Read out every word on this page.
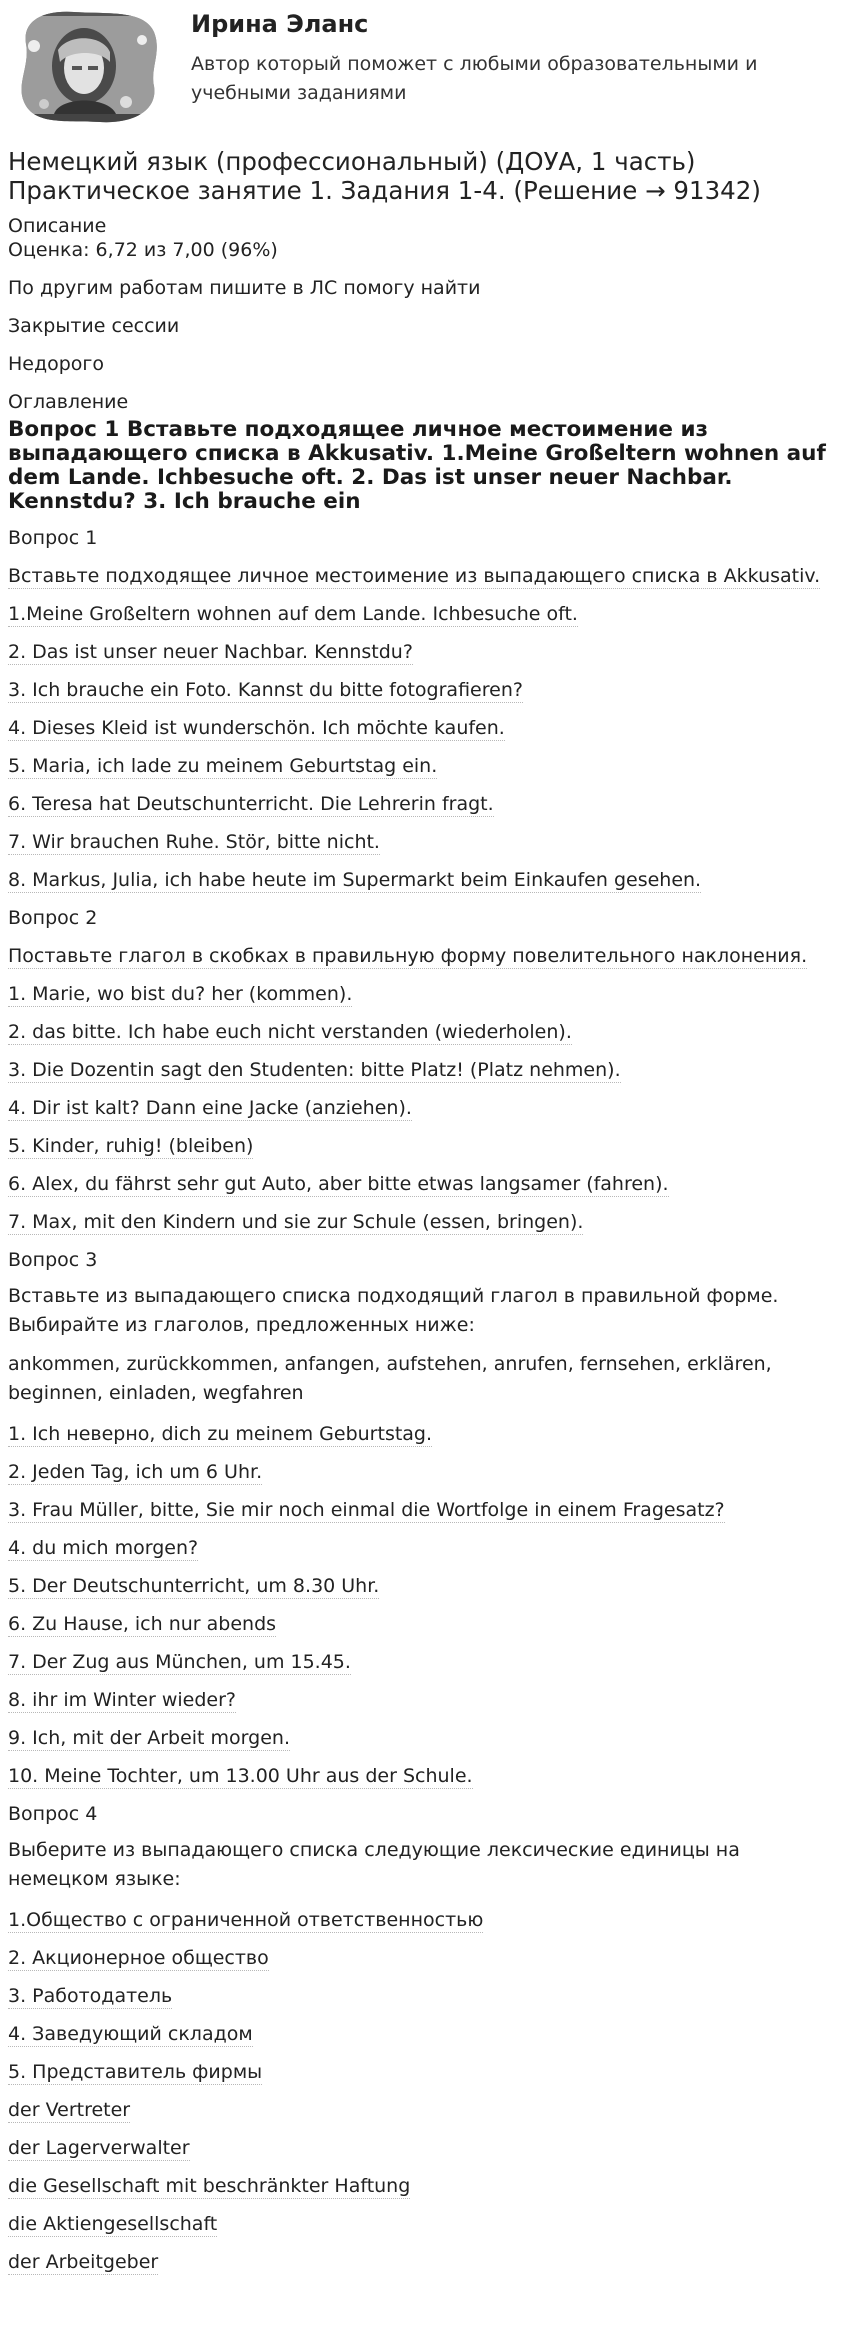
Ирина Эланс
Автор который поможет с любыми образовательными и учебными заданиями
Немецкий язык (профессиональный) (ДОУА, 1 часть)
Практическое занятие 1. Задания 1-4. (Решение → 91342)
Описание
Оценка: 6,72 из 7,00 (96%)
По другим работам пишите в ЛС помогу найти
Закрытие сессии
Недорого
Оглавление
Вопрос 1 Вставьте подходящее личное местоимение из выпадающего списка в Akkusativ. 1.Meine Großeltern wohnen auf dem Lande. Ichbesuche oft. 2. Das ist unser neuer Nachbar. Kennstdu? 3. Ich brauche ein
Вопрос 1
Вставьте подходящее личное местоимение из выпадающего списка в Akkusativ.
1.Meine Großeltern wohnen auf dem Lande. Ichbesuche oft.
2. Das ist unser neuer Nachbar. Kennstdu?
3. Ich brauche ein Foto. Kannst du bitte fotografieren?
4. Dieses Kleid ist wunderschön. Ich möchte kaufen.
5. Maria, ich lade zu meinem Geburtstag ein.
6. Teresa hat Deutschunterricht. Die Lehrerin fragt.
7. Wir brauchen Ruhe. Stör, bitte nicht.
8. Markus, Julia, ich habe heute im Supermarkt beim Einkaufen gesehen.
Вопрос 2
Поставьте глагол в скобках в правильную форму повелительного наклонения.
1. Marie, wo bist du? her (kommen).
2. das bitte. Ich habe euch nicht verstanden (wiederholen).
3. Die Dozentin sagt den Studenten: bitte Platz! (Platz nehmen).
4. Dir ist kalt? Dann eine Jacke (anziehen).
5. Kinder, ruhig! (bleiben)
6. Alex, du fährst sehr gut Auto, aber bitte etwas langsamer (fahren).
7. Max, mit den Kindern und sie zur Schule (essen, bringen).
Вопрос 3
Вставьте из выпадающего списка подходящий глагол в правильной форме. Выбирайте из глаголов, предложенных ниже:
ankommen, zurückkommen, anfangen, aufstehen, anrufen, fernsehen, erklären, beginnen, einladen, wegfahren
1. Ich неверно, dich zu meinem Geburtstag.
2. Jeden Tag, ich um 6 Uhr.
3. Frau Müller, bitte, Sie mir noch einmal die Wortfolge in einem Fragesatz?
4. du mich morgen?
5. Der Deutschunterricht, um 8.30 Uhr.
6. Zu Hause, ich nur abends
7. Der Zug aus München, um 15.45.
8. ihr im Winter wieder?
9. Ich, mit der Arbeit morgen.
10. Meine Tochter, um 13.00 Uhr aus der Schule.
Вопрос 4
Выберите из выпадающего списка следующие лексические единицы на немецком языке:
1.Общество с ограниченной ответственностью
2. Акционерное общество
3. Работодатель
4. Заведующий складом
5. Представитель фирмы
der Vertreter
der Lagerverwalter
die Gesellschaft mit beschränkter Haftung
die Aktiengesellschaft
der Arbeitgeber
